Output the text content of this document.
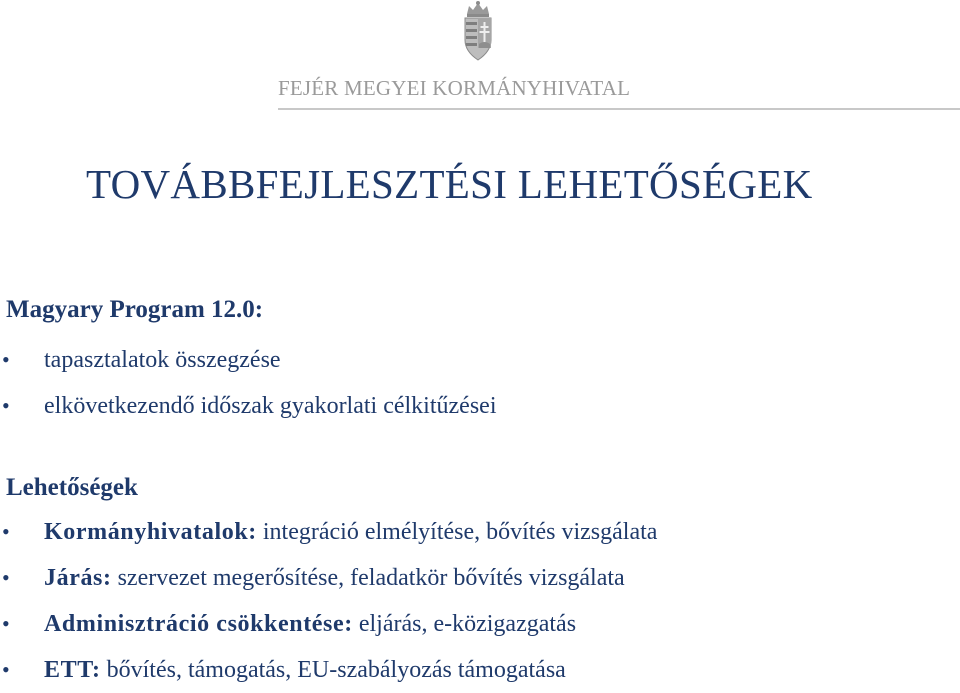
FEJÉR MEGYEI KORMÁNYHIVATAL
TOVÁBBFEJLESZTÉSI LEHETŐSÉGEK
Magyary Program 12.0:
• tapasztalatok összegzése
• elkövetkezendő időszak gyakorlati célkitűzései
Lehetőségek
• Kormányhivatalok: integráció elmélyítése, bővítés vizsgálata
• Járás: szervezet megerősítése, feladatkör bővítés vizsgálata
• Adminisztráció csökkentése: eljárás, e-közigazgatás
• ETT: bővítés, támogatás, EU-szabályozás támogatása
